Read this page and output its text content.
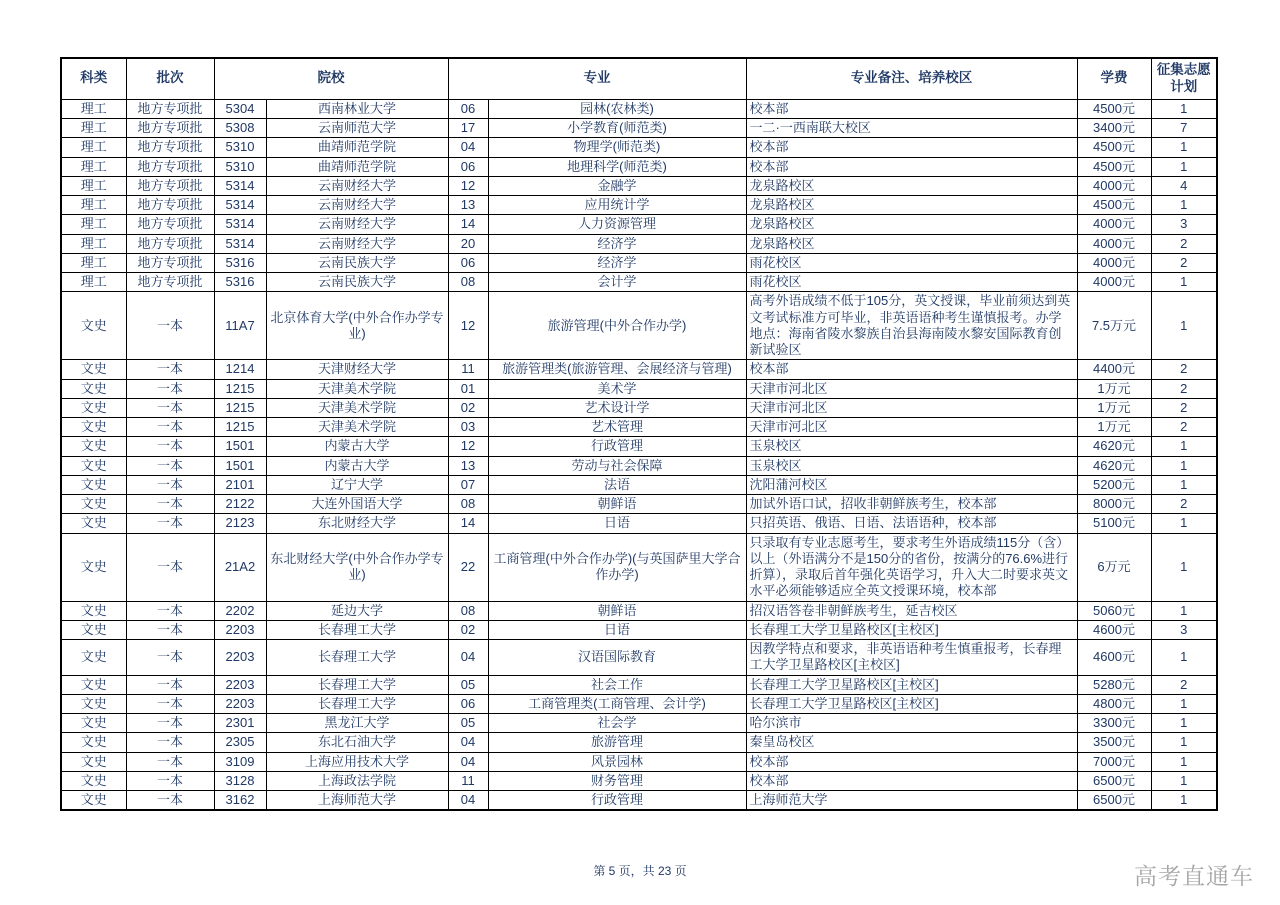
科类	批次	院校		专业		专业备注、培养校区	学费	征集志愿计划
理工	地方专项批	5304	西南林业大学	06	园林(农林类)	校本部	4500元	1
理工	地方专项批	5308	云南师范大学	17	小学教育(师范类)	一二·一西南联大校区	3400元	7
理工	地方专项批	5310	曲靖师范学院	04	物理学(师范类)	校本部	4500元	1
理工	地方专项批	5310	曲靖师范学院	06	地理科学(师范类)	校本部	4500元	1
理工	地方专项批	5314	云南财经大学	12	金融学	龙泉路校区	4000元	4
理工	地方专项批	5314	云南财经大学	13	应用统计学	龙泉路校区	4500元	1
理工	地方专项批	5314	云南财经大学	14	人力资源管理	龙泉路校区	4000元	3
理工	地方专项批	5314	云南财经大学	20	经济学	龙泉路校区	4000元	2
理工	地方专项批	5316	云南民族大学	06	经济学	雨花校区	4000元	2
理工	地方专项批	5316	云南民族大学	08	会计学	雨花校区	4000元	1
文史	一本	11A7	北京体育大学(中外合作办学专业)	12	旅游管理(中外合作办学)	高考外语成绩不低于105分，英文授课，毕业前须达到英文考试标准方可毕业，非英语语种考生谨慎报考。办学地点：海南省陵水黎族自治县海南陵水黎安国际教育创新试验区	7.5万元	1
文史	一本	1214	天津财经大学	11	旅游管理类(旅游管理、会展经济与管理)	校本部	4400元	2
文史	一本	1215	天津美术学院	01	美术学	天津市河北区	1万元	2
文史	一本	1215	天津美术学院	02	艺术设计学	天津市河北区	1万元	2
文史	一本	1215	天津美术学院	03	艺术管理	天津市河北区	1万元	2
文史	一本	1501	内蒙古大学	12	行政管理	玉泉校区	4620元	1
文史	一本	1501	内蒙古大学	13	劳动与社会保障	玉泉校区	4620元	1
文史	一本	2101	辽宁大学	07	法语	沈阳蒲河校区	5200元	1
文史	一本	2122	大连外国语大学	08	朝鲜语	加试外语口试，招收非朝鲜族考生，校本部	8000元	2
文史	一本	2123	东北财经大学	14	日语	只招英语、俄语、日语、法语语种，校本部	5100元	1
文史	一本	21A2	东北财经大学(中外合作办学专业)	22	工商管理(中外合作办学)(与英国萨里大学合作办学)	只录取有专业志愿考生，要求考生外语成绩115分（含）以上（外语满分不是150分的省份，按满分的76.6%进行折算），录取后首年强化英语学习，升入大二时要求英文水平必须能够适应全英文授课环境，校本部	6万元	1
文史	一本	2202	延边大学	08	朝鲜语	招汉语答卷非朝鲜族考生，延吉校区	5060元	1
文史	一本	2203	长春理工大学	02	日语	长春理工大学卫星路校区[主校区]	4600元	3
文史	一本	2203	长春理工大学	04	汉语国际教育	因教学特点和要求，非英语语种考生慎重报考，长春理工大学卫星路校区[主校区]	4600元	1
文史	一本	2203	长春理工大学	05	社会工作	长春理工大学卫星路校区[主校区]	5280元	2
文史	一本	2203	长春理工大学	06	工商管理类(工商管理、会计学)	长春理工大学卫星路校区[主校区]	4800元	1
文史	一本	2301	黑龙江大学	05	社会学	哈尔滨市	3300元	1
文史	一本	2305	东北石油大学	04	旅游管理	秦皇岛校区	3500元	1
文史	一本	3109	上海应用技术大学	04	风景园林	校本部	7000元	1
文史	一本	3128	上海政法学院	11	财务管理	校本部	6500元	1
文史	一本	3162	上海师范大学	04	行政管理	上海师范大学	6500元	1
第 5 页，共 23 页	高考直通车
